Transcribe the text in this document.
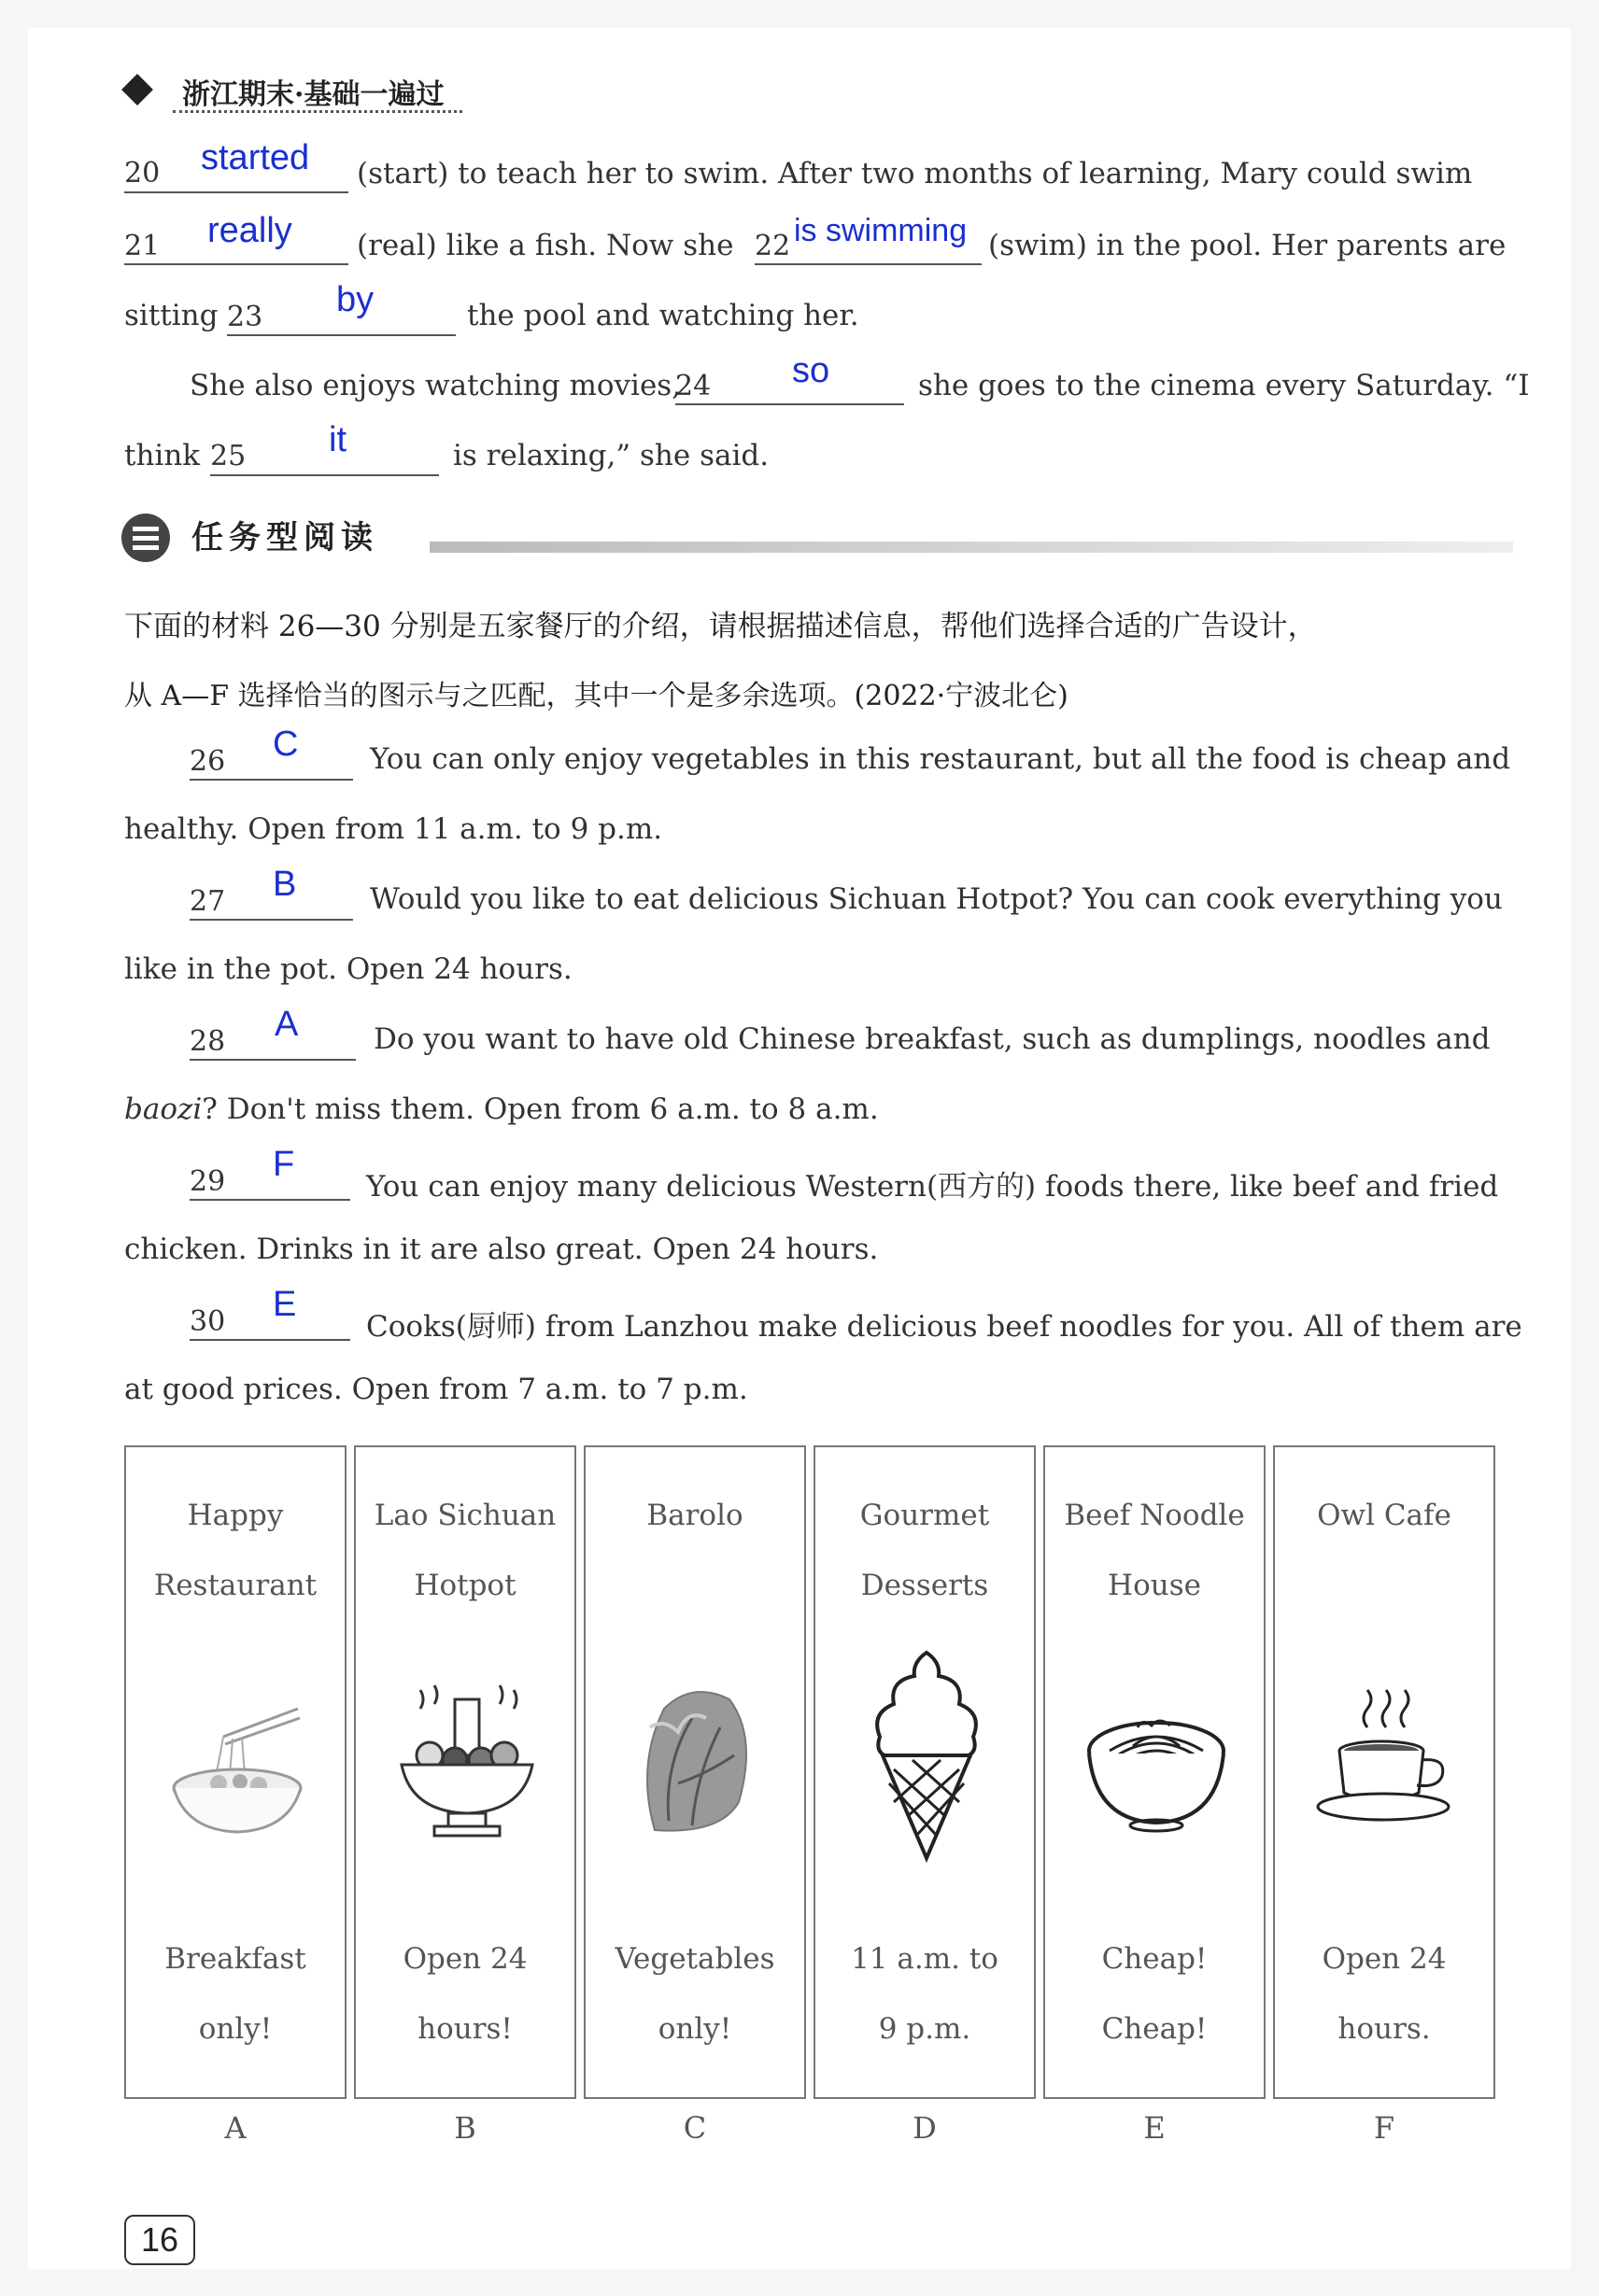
浙江期末·基础一遍过
20 started (start) to teach her to swim. After two months of learning, Mary could swim
21 really (real) like a fish. Now she 22 is swimming (swim) in the pool. Her parents are
sitting 23 by	the pool and watching her.
She also enjoys watching movies,
24 so	she goes to the cinema every Saturday. “I
think 25 it	is relaxing,” she said.
任务型阅读
下面的材料 26—30 分别是五家餐厅的介绍，请根据描述信息，帮他们选择合适的广告设计，
从 A—F 选择恰当的图示与之匹配，其中一个是多余选项。(2022·宁波北仑)
26 C You can only enjoy vegetables in this restaurant, but all the food is cheap and
healthy. Open from 11 a.m. to 9 p.m.
27 B	Would you like to eat delicious Sichuan Hotpot? You can cook everything you
like in the pot. Open 24 hours.
28 A	Do you want to have old Chinese breakfast, such as dumplings, noodles and
baozi? Don't miss them. Open from 6 a.m. to 8 a.m.
29 F
You can enjoy many delicious Western(西方的) foods there, like beef and fried
chicken. Drinks in it are also great. Open 24 hours.
30 E
Cooks(厨师) from Lanzhou make delicious beef noodles for you. All of them are
at good prices. Open from 7 a.m. to 7 p.m.
Happy
Restaurant
Breakfast
only!
Lao Sichuan
Hotpot
Open 24
hours!
Barolo
Vegetables
only!
Gourmet
Desserts
11 a.m. to
9 p.m.
Beef Noodle
House
Cheap!
Cheap!
Owl Cafe
Open 24
hours.
A	B	C	D	E	F
16
